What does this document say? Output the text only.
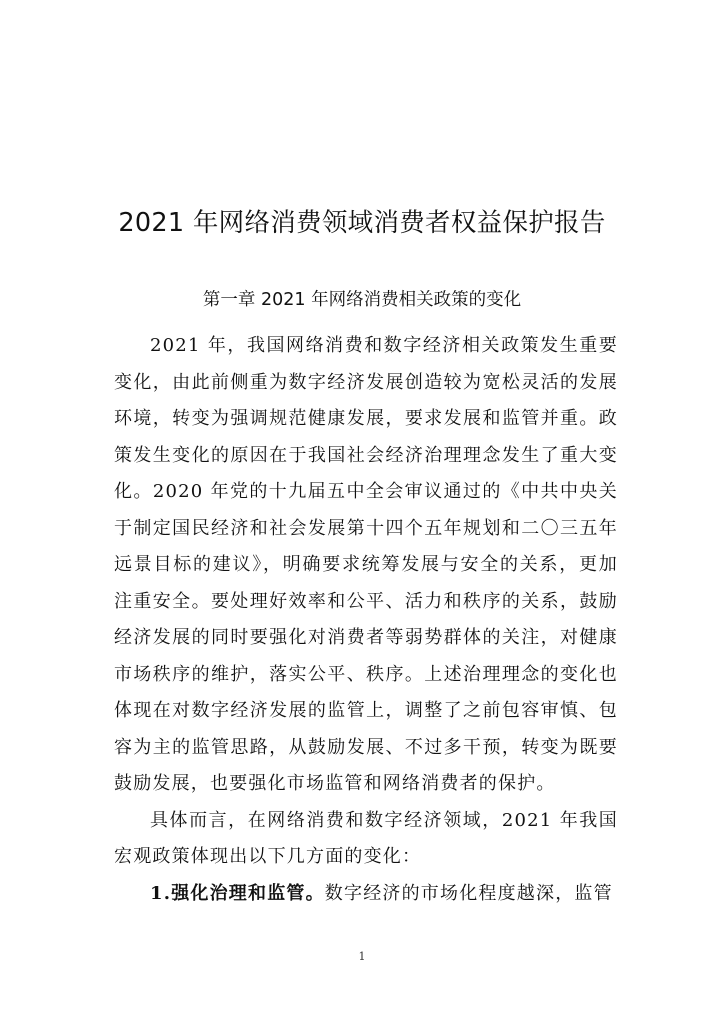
2021 年网络消费领域消费者权益保护报告
第一章 2021 年网络消费相关政策的变化

2021 年，我国网络消费和数字经济相关政策发生重要变化，由此前侧重为数字经济发展创造较为宽松灵活的发展环境，转变为强调规范健康发展，要求发展和监管并重。政策发生变化的原因在于我国社会经济治理理念发生了重大变化。2020 年党的十九届五中全会审议通过的《中共中央关于制定国民经济和社会发展第十四个五年规划和二〇三五年远景目标的建议》，明确要求统筹发展与安全的关系，更加注重安全。要处理好效率和公平、活力和秩序的关系，鼓励经济发展的同时要强化对消费者等弱势群体的关注，对健康市场秩序的维护，落实公平、秩序。上述治理理念的变化也体现在对数字经济发展的监管上，调整了之前包容审慎、包容为主的监管思路，从鼓励发展、不过多干预，转变为既要鼓励发展，也要强化市场监管和网络消费者的保护。

具体而言，在网络消费和数字经济领域，2021 年我国宏观政策体现出以下几方面的变化：

1.强化治理和监管。数字经济的市场化程度越深，监管

1
